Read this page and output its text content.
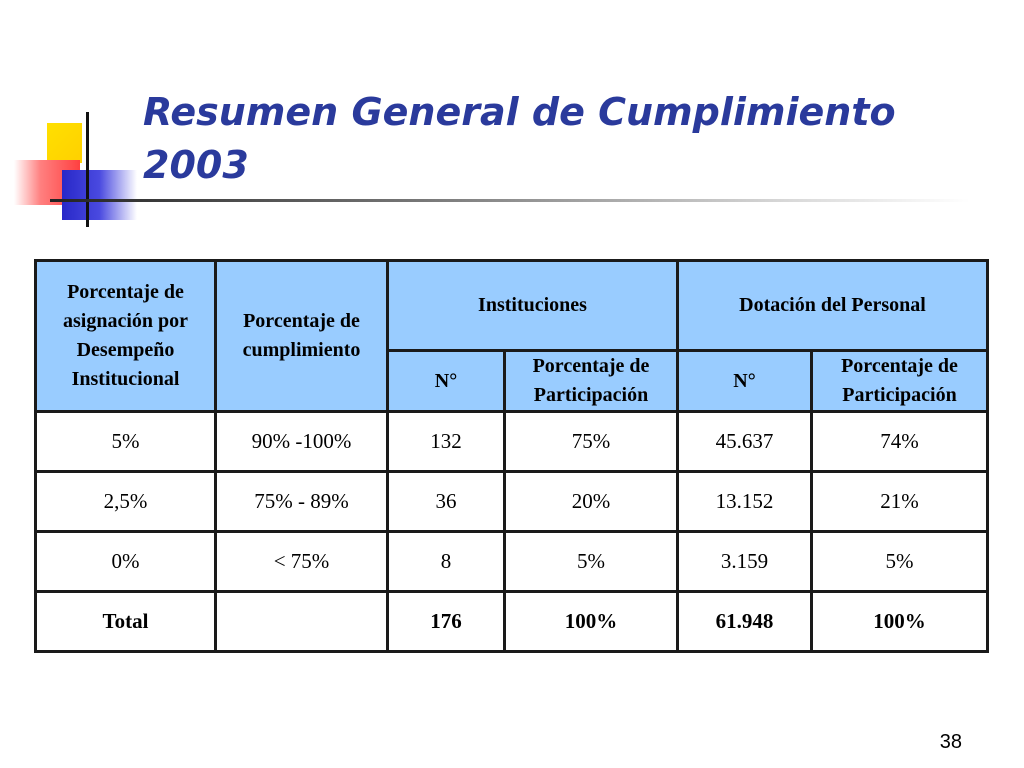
Resumen General de Cumplimiento 2003
Porcentaje de asignación por Desempeño Institucional	Porcentaje de cumplimiento	Instituciones		Dotación del Personal	
		N°	Porcentaje de Participación	N°	Porcentaje de Participación
5%	90% -100%	132	75%	45.637	74%
2,5%	75% - 89%	36	20%	13.152	21%
0%	< 75%	8	5%	3.159	5%
Total		176	100%	61.948	100%
38
